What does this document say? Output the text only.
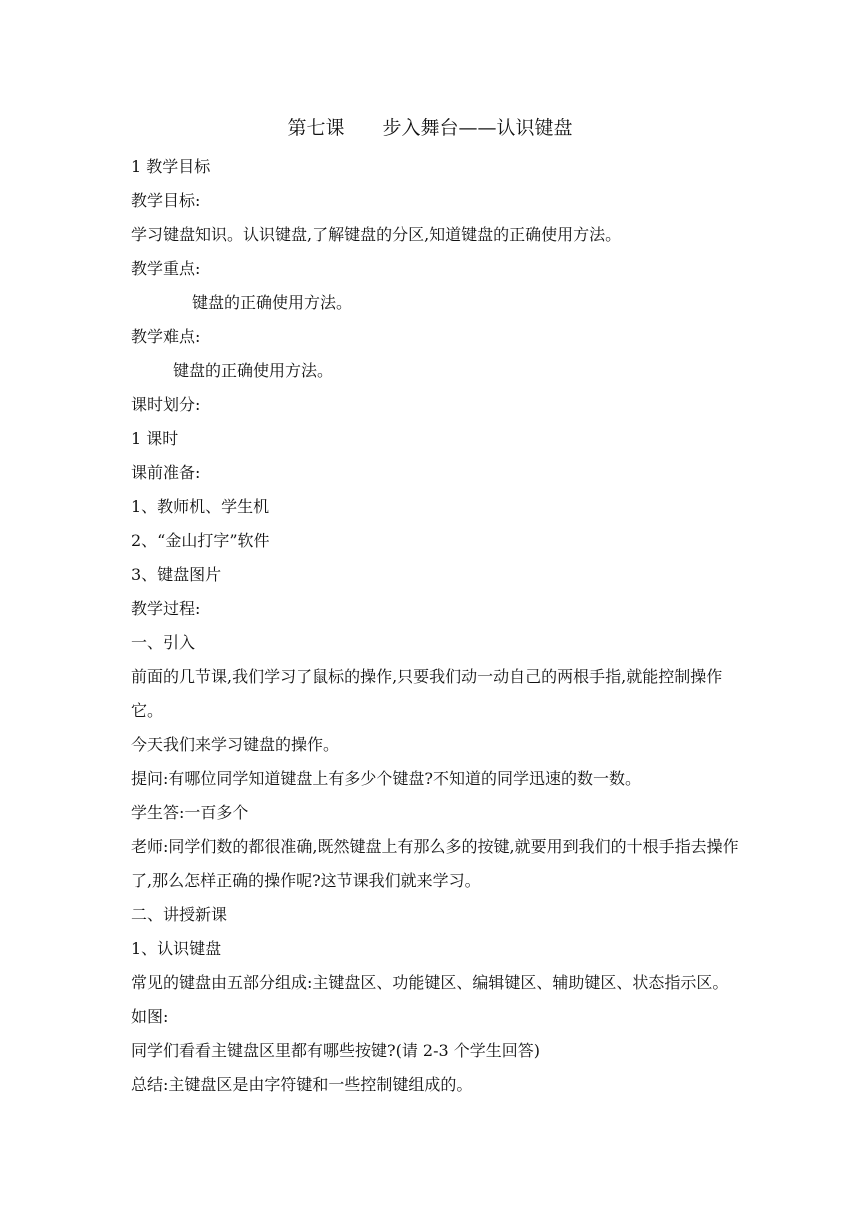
第七课　　步入舞台——认识键盘

1 教学目标

教学目标:

学习键盘知识。认识键盘,了解键盘的分区,知道键盘的正确使用方法。

教学重点:

键盘的正确使用方法。

教学难点:

键盘的正确使用方法。

课时划分:

1 课时

课前准备:

1、教师机、学生机

2、“金山打字”软件

3、键盘图片

教学过程:

一、引入

前面的几节课,我们学习了鼠标的操作,只要我们动一动自己的两根手指,就能控制操作它。

今天我们来学习键盘的操作。

提问:有哪位同学知道键盘上有多少个键盘?不知道的同学迅速的数一数。

学生答:一百多个

老师:同学们数的都很准确,既然键盘上有那么多的按键,就要用到我们的十根手指去操作了,那么怎样正确的操作呢?这节课我们就来学习。

二、讲授新课

1、认识键盘

常见的键盘由五部分组成:主键盘区、功能键区、编辑键区、辅助键区、状态指示区。如图:

同学们看看主键盘区里都有哪些按键?(请 2-3 个学生回答)

总结:主键盘区是由字符键和一些控制键组成的。
